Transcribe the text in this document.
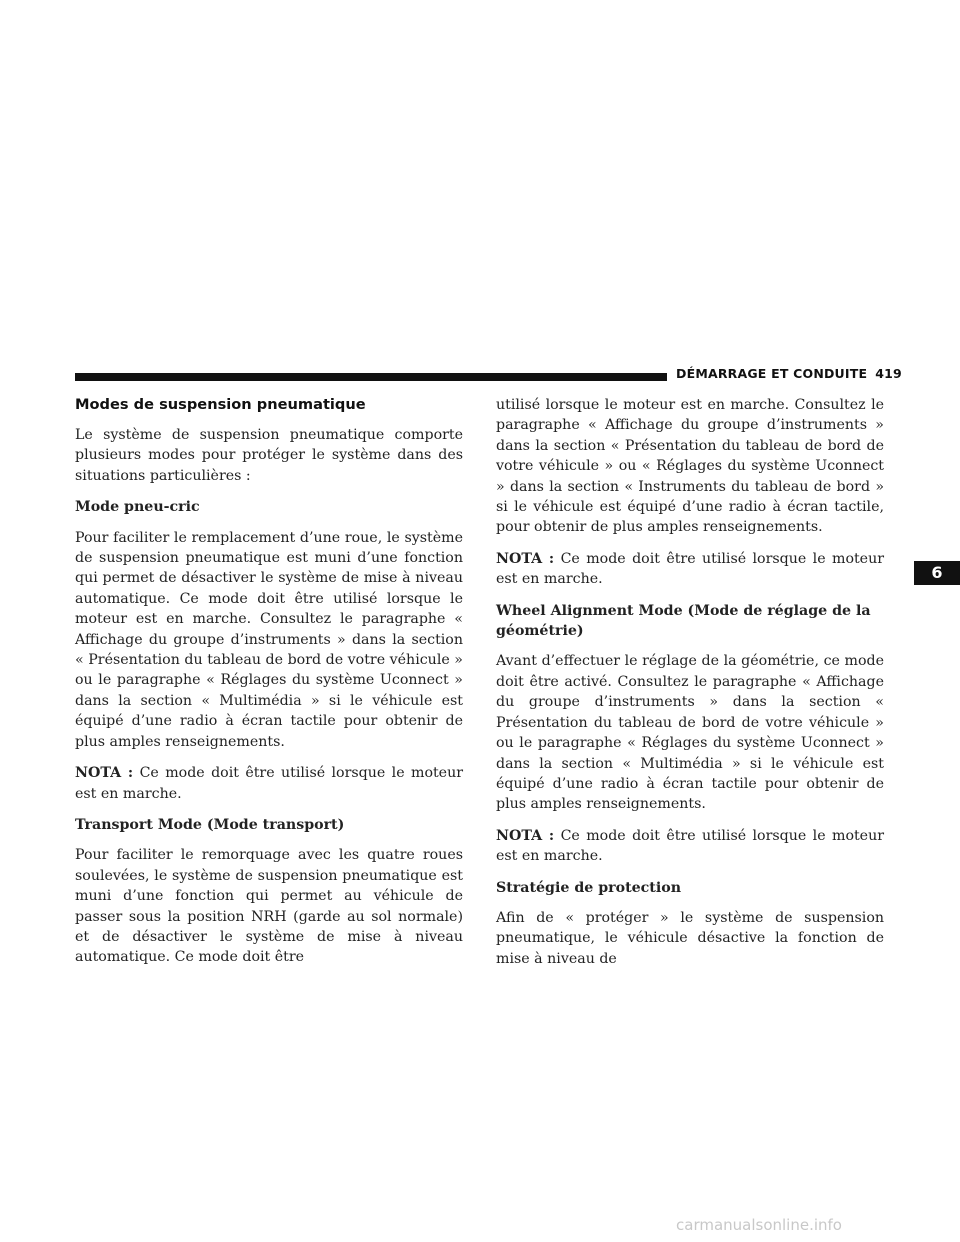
DÉMARRAGE ET CONDUITE 419
6
Modes de suspension pneumatique

Le système de suspension pneumatique comporte plusieurs modes pour protéger le système dans des situations particulières :

Mode pneu-cric

Pour faciliter le remplacement d’une roue, le système de suspension pneumatique est muni d’une fonction qui permet de désactiver le système de mise à niveau automatique. Ce mode doit être utilisé lorsque le moteur est en marche. Consultez le paragraphe « Affichage du groupe d’instruments » dans la section « Présentation du tableau de bord de votre véhicule » ou le paragraphe « Réglages du système Uconnect » dans la section « Multimédia » si le véhicule est équipé d’une radio à écran tactile pour obtenir de plus amples renseignements.

NOTA : Ce mode doit être utilisé lorsque le moteur est en marche.

Transport Mode (Mode transport)

Pour faciliter le remorquage avec les quatre roues soulevées, le système de suspension pneumatique est muni d’une fonction qui permet au véhicule de passer sous la position NRH (garde au sol normale) et de désactiver le système de mise à niveau automatique. Ce mode doit être

utilisé lorsque le moteur est en marche. Consultez le paragraphe « Affichage du groupe d’instruments » dans la section « Présentation du tableau de bord de votre véhicule » ou « Réglages du système Uconnect » dans la section « Instruments du tableau de bord » si le véhicule est équipé d’une radio à écran tactile, pour obtenir de plus amples renseignements.

NOTA : Ce mode doit être utilisé lorsque le moteur est en marche.

Wheel Alignment Mode (Mode de réglage de la géométrie)

Avant d’effectuer le réglage de la géométrie, ce mode doit être activé. Consultez le paragraphe « Affichage du groupe d’instruments » dans la section « Présentation du tableau de bord de votre véhicule » ou le paragraphe « Réglages du système Uconnect » dans la section « Multimédia » si le véhicule est équipé d’une radio à écran tactile pour obtenir de plus amples renseignements.

NOTA : Ce mode doit être utilisé lorsque le moteur est en marche.

Stratégie de protection

Afin de « protéger » le système de suspension pneumatique, le véhicule désactive la fonction de mise à niveau de

carmanualsonline.info
